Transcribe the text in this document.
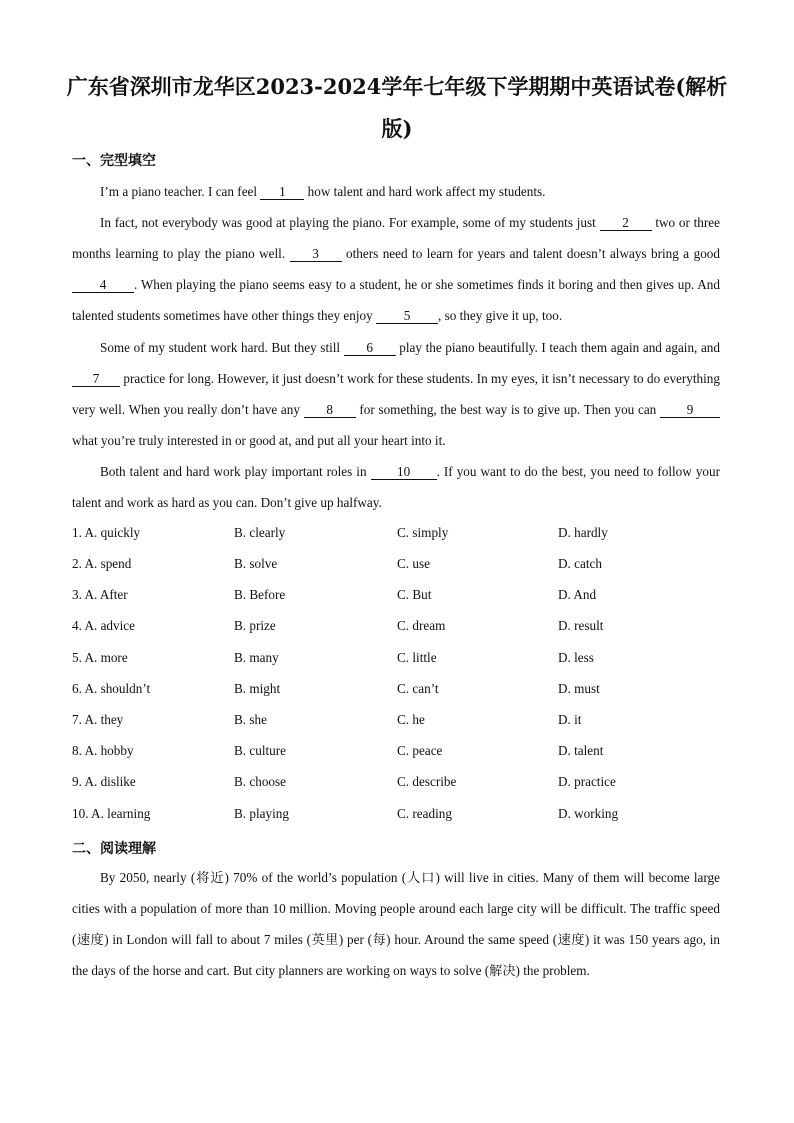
广东省深圳市龙华区2023-2024学年七年级下学期期中英语试卷(解析版)
一、完型填空
I’m a piano teacher. I can feel 1 how talent and hard work affect my students.
In fact, not everybody was good at playing the piano. For example, some of my students just 2 two or three months learning to play the piano well. 3 others need to learn for years and talent doesn’t always bring a good 4 . When playing the piano seems easy to a student, he or she sometimes finds it boring and then gives up. And talented students sometimes have other things they enjoy 5 , so they give it up, too.
Some of my student work hard. But they still 6 play the piano beautifully. I teach them again and again, and 7 practice for long. However, it just doesn’t work for these students. In my eyes, it isn’t necessary to do everything very well. When you really don’t have any 8 for something, the best way is to give up. Then you can 9 what you’re truly interested in or good at, and put all your heart into it.
Both talent and hard work play important roles in 10 . If you want to do the best, you need to follow your talent and work as hard as you can. Don’t give up halfway.
1. A. quickly	B. clearly	C. simply	D. hardly
2. A. spend	B. solve	C. use	D. catch
3. A. After	B. Before	C. But	D. And
4. A. advice	B. prize	C. dream	D. result
5. A. more	B. many	C. little	D. less
6. A. shouldn’t	B. might	C. can’t	D. must
7. A. they	B. she	C. he	D. it
8. A. hobby	B. culture	C. peace	D. talent
9. A. dislike	B. choose	C. describe	D. practice
10. A. learning	B. playing	C. reading	D. working
二、阅读理解
By 2050, nearly (将近) 70% of the world’s population (人口) will live in cities. Many of them will become large cities with a population of more than 10 million. Moving people around each large city will be difficult. The traffic speed (速度) in London will fall to about 7 miles (英里) per (每) hour. Around the same speed (速度) it was 150 years ago, in the days of the horse and cart. But city planners are working on ways to solve (解决) the problem.
